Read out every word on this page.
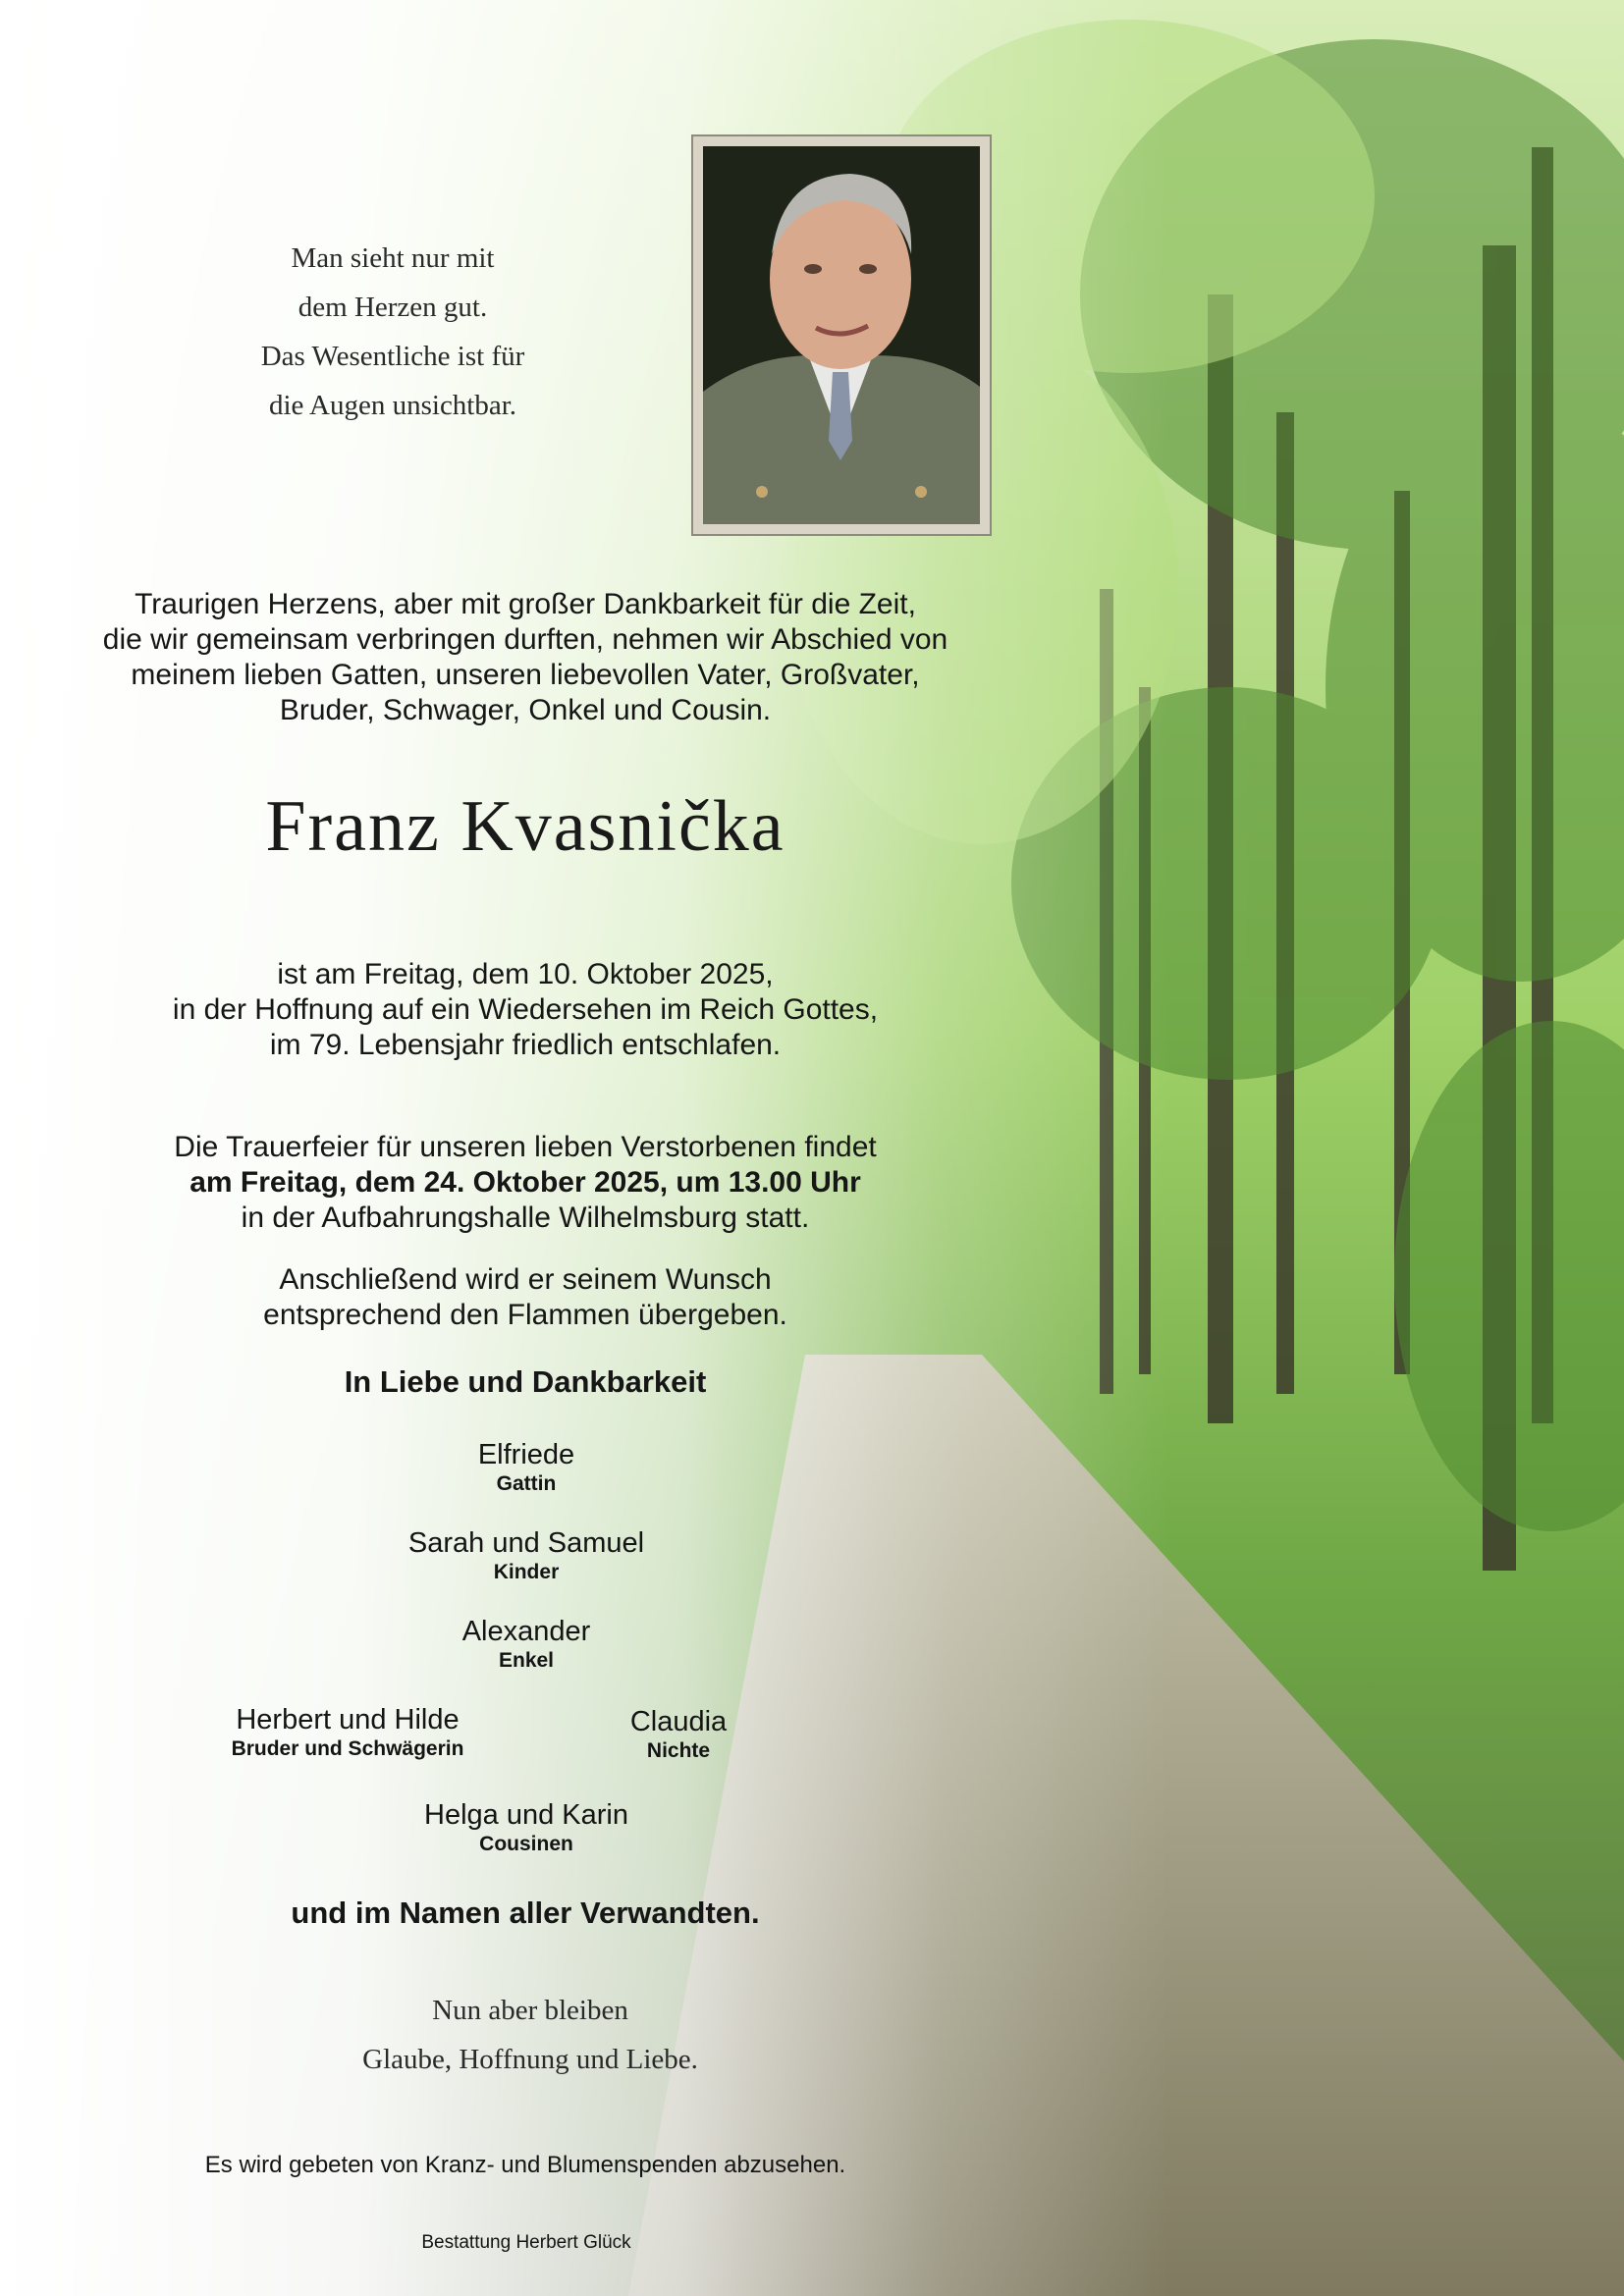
Man sieht nur mit
dem Herzen gut.
Das Wesentliche ist für
die Augen unsichtbar.
Traurigen Herzens, aber mit großer Dankbarkeit für die Zeit,
die wir gemeinsam verbringen durften, nehmen wir Abschied von
meinem lieben Gatten, unseren liebevollen Vater, Großvater,
Bruder, Schwager, Onkel und Cousin.
Franz Kvasnička
ist am Freitag, dem 10. Oktober 2025,
in der Hoffnung auf ein Wiedersehen im Reich Gottes,
im 79. Lebensjahr friedlich entschlafen.
Die Trauerfeier für unseren lieben Verstorbenen findet
am Freitag, dem 24. Oktober 2025, um 13.00 Uhr
in der Aufbahrungshalle Wilhelmsburg statt.
Anschließend wird er seinem Wunsch
entsprechend den Flammen übergeben.
In Liebe und Dankbarkeit
Elfriede
Gattin
Sarah und Samuel
Kinder
Alexander
Enkel
Herbert und Hilde
Bruder und Schwägerin
Claudia
Nichte
Helga und Karin
Cousinen
und im Namen aller Verwandten.
Nun aber bleiben
Glaube, Hoffnung und Liebe.
Es wird gebeten von Kranz- und Blumenspenden abzusehen.
Bestattung Herbert Glück
